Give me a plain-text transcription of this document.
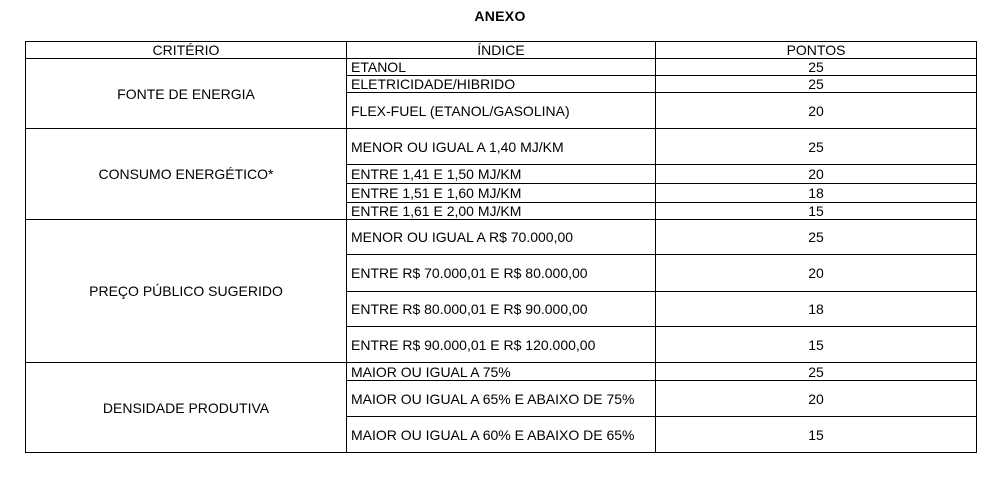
ANEXO
CRITÉRIO	ÍNDICE	PONTOS
FONTE DE ENERGIA	ETANOL	25
	ELETRICIDADE/HIBRIDO	25
	FLEX-FUEL (ETANOL/GASOLINA)	20
CONSUMO ENERGÉTICO*	MENOR OU IGUAL A 1,40 MJ/KM	25
	ENTRE 1,41 E 1,50 MJ/KM	20
	ENTRE 1,51 E 1,60 MJ/KM	18
	ENTRE 1,61 E 2,00 MJ/KM	15
PREÇO PÚBLICO SUGERIDO	MENOR OU IGUAL A R$ 70.000,00	25
	ENTRE R$ 70.000,01 E R$ 80.000,00	20
	ENTRE R$ 80.000,01 E R$ 90.000,00	18
	ENTRE R$ 90.000,01 E R$ 120.000,00	15
DENSIDADE PRODUTIVA	MAIOR OU IGUAL A 75%	25
	MAIOR OU IGUAL A 65% E ABAIXO DE 75%	20
	MAIOR OU IGUAL A 60% E ABAIXO DE 65%	15
